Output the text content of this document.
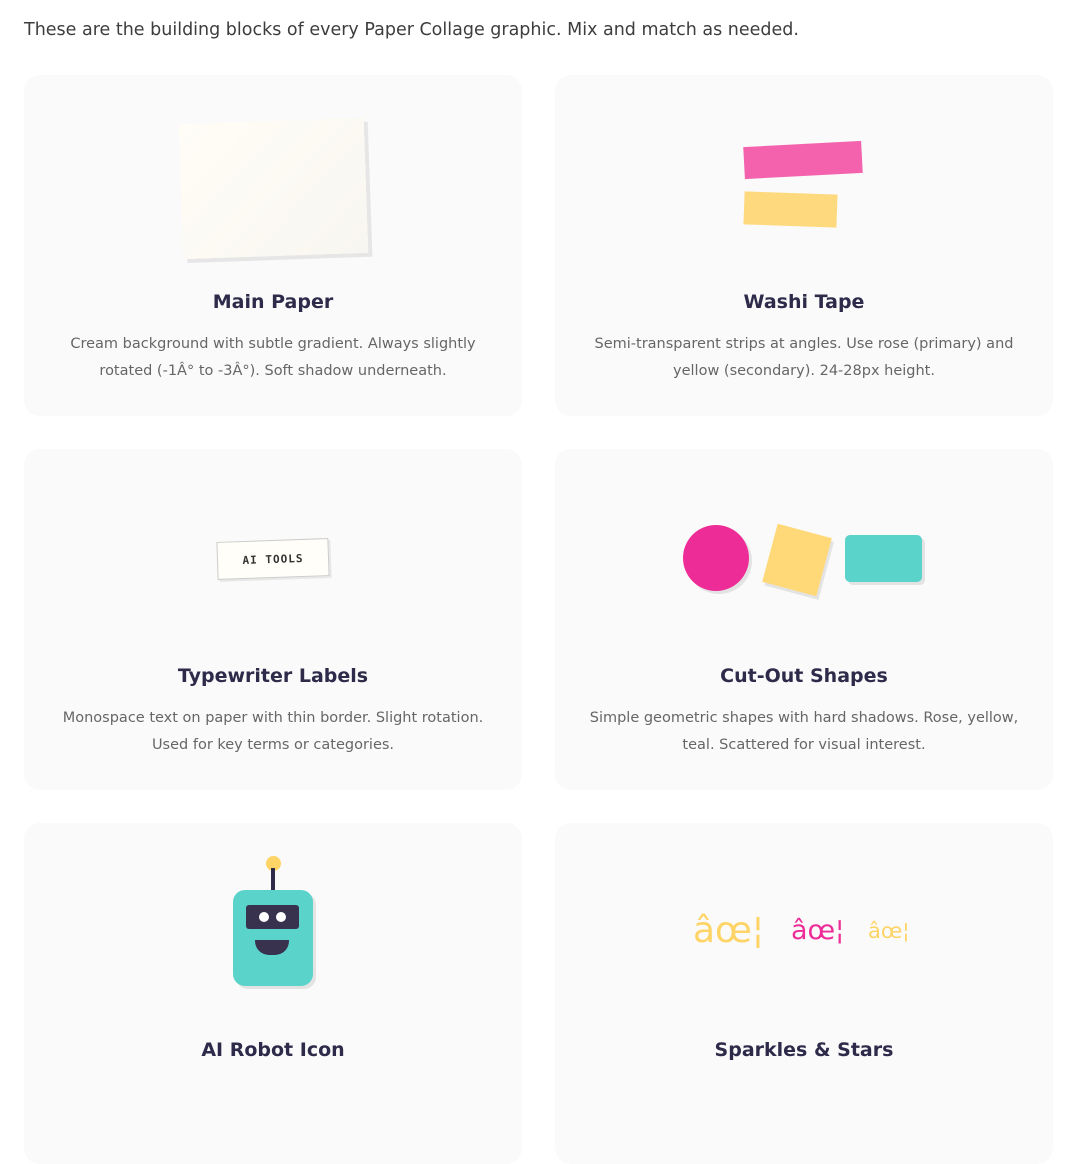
These are the building blocks of every Paper Collage graphic. Mix and match as needed.
Main Paper
Cream background with subtle gradient. Always slightly rotated (-1Â° to -3Â°). Soft shadow underneath.
Washi Tape
Semi-transparent strips at angles. Use rose (primary) and yellow (secondary). 24-28px height.
AI TOOLS
Typewriter Labels
Monospace text on paper with thin border. Slight rotation. Used for key terms or categories.
Cut-Out Shapes
Simple geometric shapes with hard shadows. Rose, yellow, teal. Scattered for visual interest.
AI Robot Icon
âœ¦ âœ¦ âœ¦
Sparkles & Stars
